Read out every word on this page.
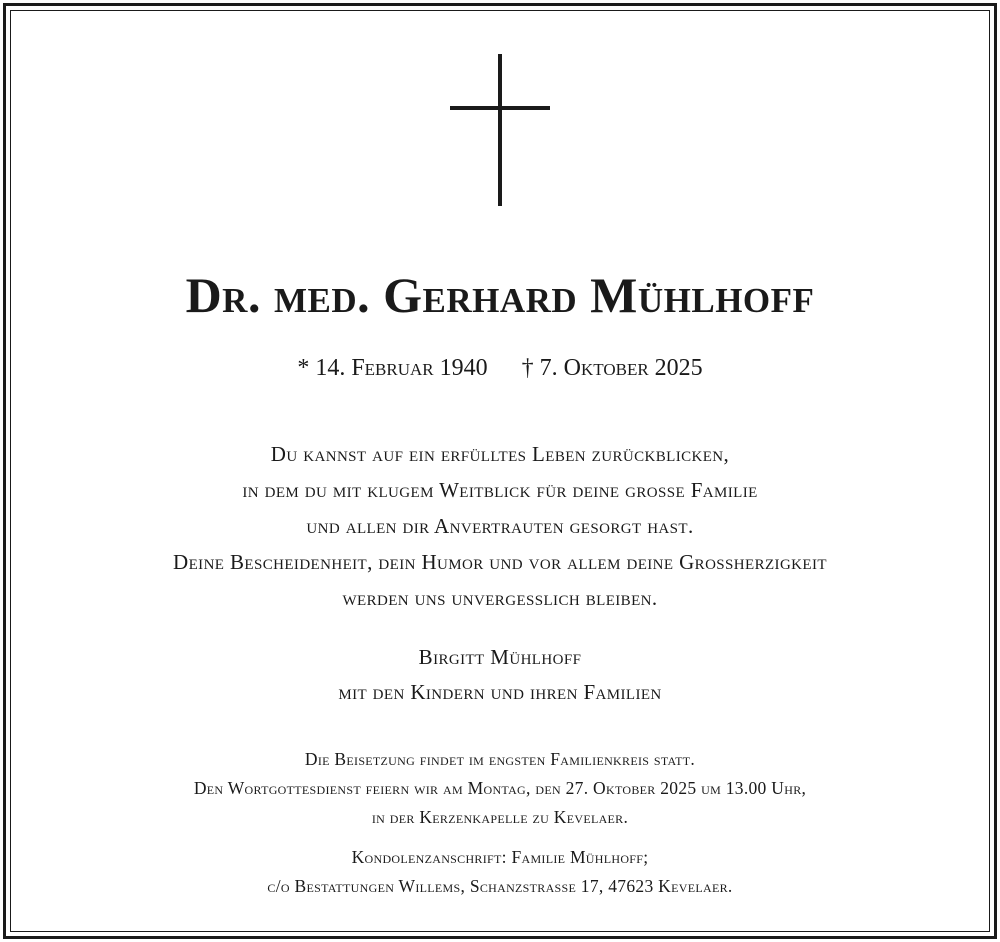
Dr. med. Gerhard Mühlhoff
* 14. Februar 1940 † 7. Oktober 2025
Du kannst auf ein erfülltes Leben zurückblicken,
in dem du mit klugem Weitblick für deine grosse Familie
und allen dir Anvertrauten gesorgt hast.
Deine Bescheidenheit, dein Humor und vor allem deine Grossherzigkeit
werden uns unvergesslich bleiben.
Birgitt Mühlhoff
mit den Kindern und ihren Familien
Die Beisetzung findet im engsten Familienkreis statt.
Den Wortgottesdienst feiern wir am Montag, den 27. Oktober 2025 um 13.00 Uhr,
in der Kerzenkapelle zu Kevelaer.
Kondolenzanschrift: Familie Mühlhoff;
c/o Bestattungen Willems, Schanzstrasse 17, 47623 Kevelaer.
